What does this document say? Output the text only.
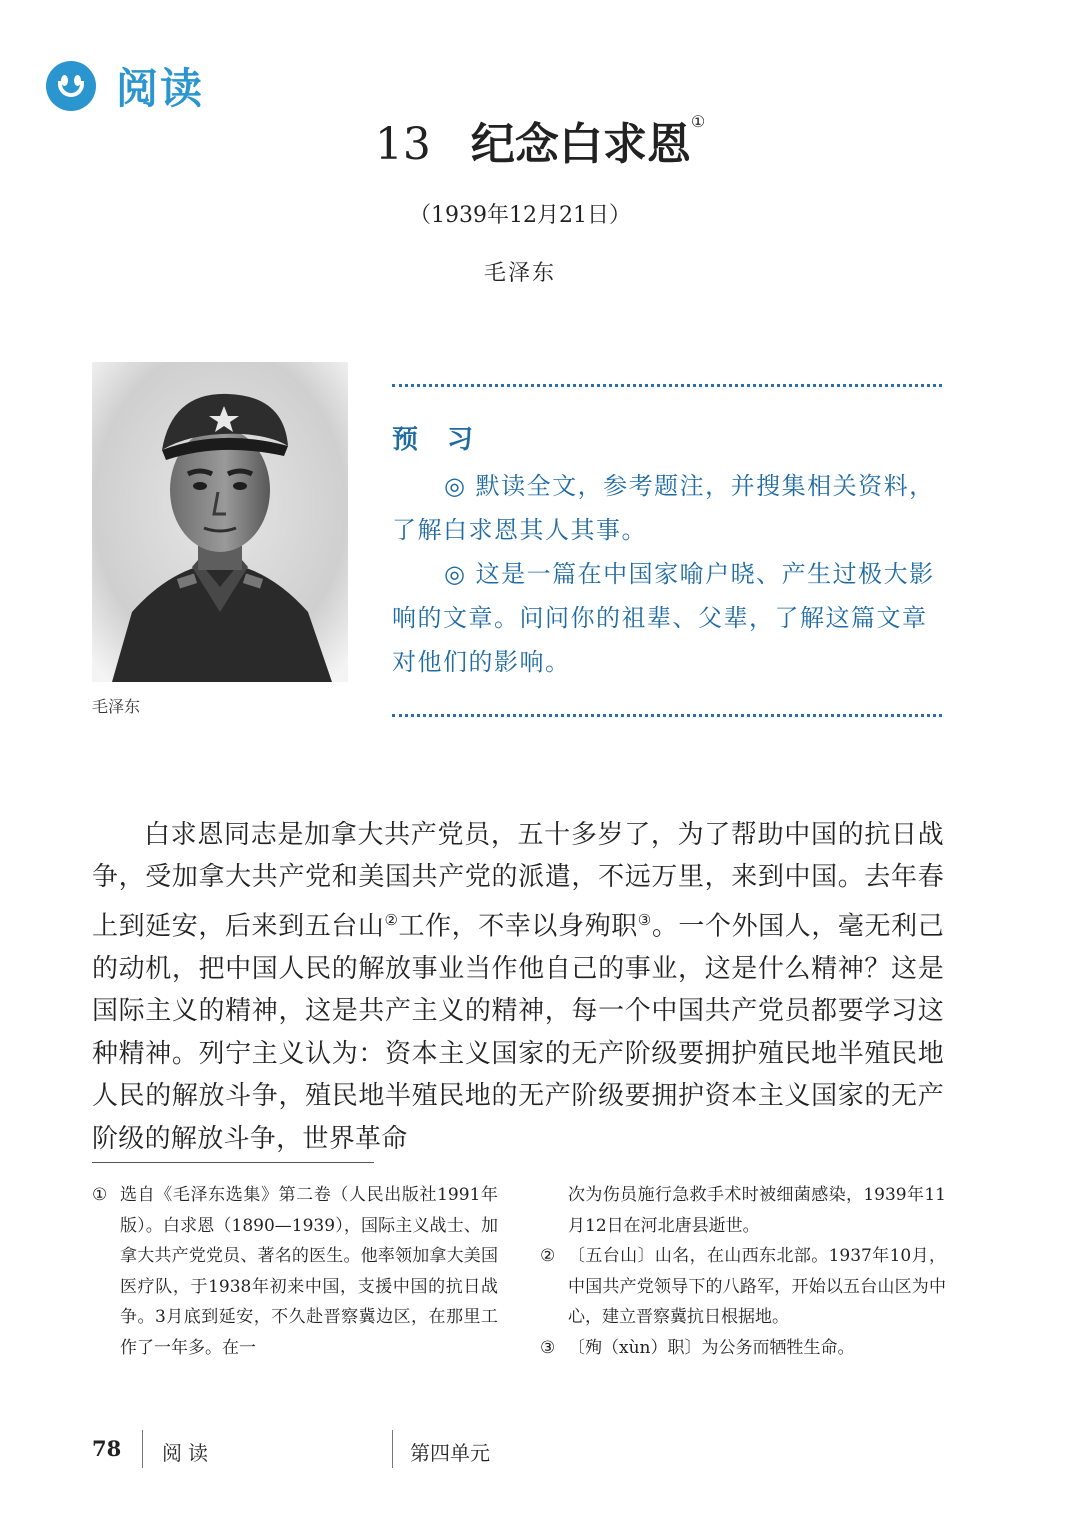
阅读
13 纪念白求恩①
（1939年12月21日）
毛泽东
毛泽东
预 习

◎ 默读全文，参考题注，并搜集相关资料，了解白求恩其人其事。

◎ 这是一篇在中国家喻户晓、产生过极大影响的文章。问问你的祖辈、父辈，了解这篇文章对他们的影响。

白求恩同志是加拿大共产党员，五十多岁了，为了帮助中国的抗日战争，受加拿大共产党和美国共产党的派遣，不远万里，来到中国。去年春上到延安，后来到五台山②工作，不幸以身殉职③。一个外国人，毫无利己的动机，把中国人民的解放事业当作他自己的事业，这是什么精神？这是国际主义的精神，这是共产主义的精神，每一个中国共产党员都要学习这种精神。列宁主义认为：资本主义国家的无产阶级要拥护殖民地半殖民地人民的解放斗争，殖民地半殖民地的无产阶级要拥护资本主义国家的无产阶级的解放斗争，世界革命

① 选自《毛泽东选集》第二卷（人民出版社1991年版）。白求恩（1890—1939），国际主义战士、加拿大共产党党员、著名的医生。他率领加拿大美国医疗队，于1938年初来中国，支援中国的抗日战争。3月底到延安，不久赴晋察冀边区，在那里工作了一年多。在一

次为伤员施行急救手术时被细菌感染，1939年11月12日在河北唐县逝世。

② 〔五台山〕山名，在山西东北部。1937年10月，中国共产党领导下的八路军，开始以五台山区为中心，建立晋察冀抗日根据地。

③ 〔殉（xùn）职〕为公务而牺牲生命。

78 阅读	第四单元
